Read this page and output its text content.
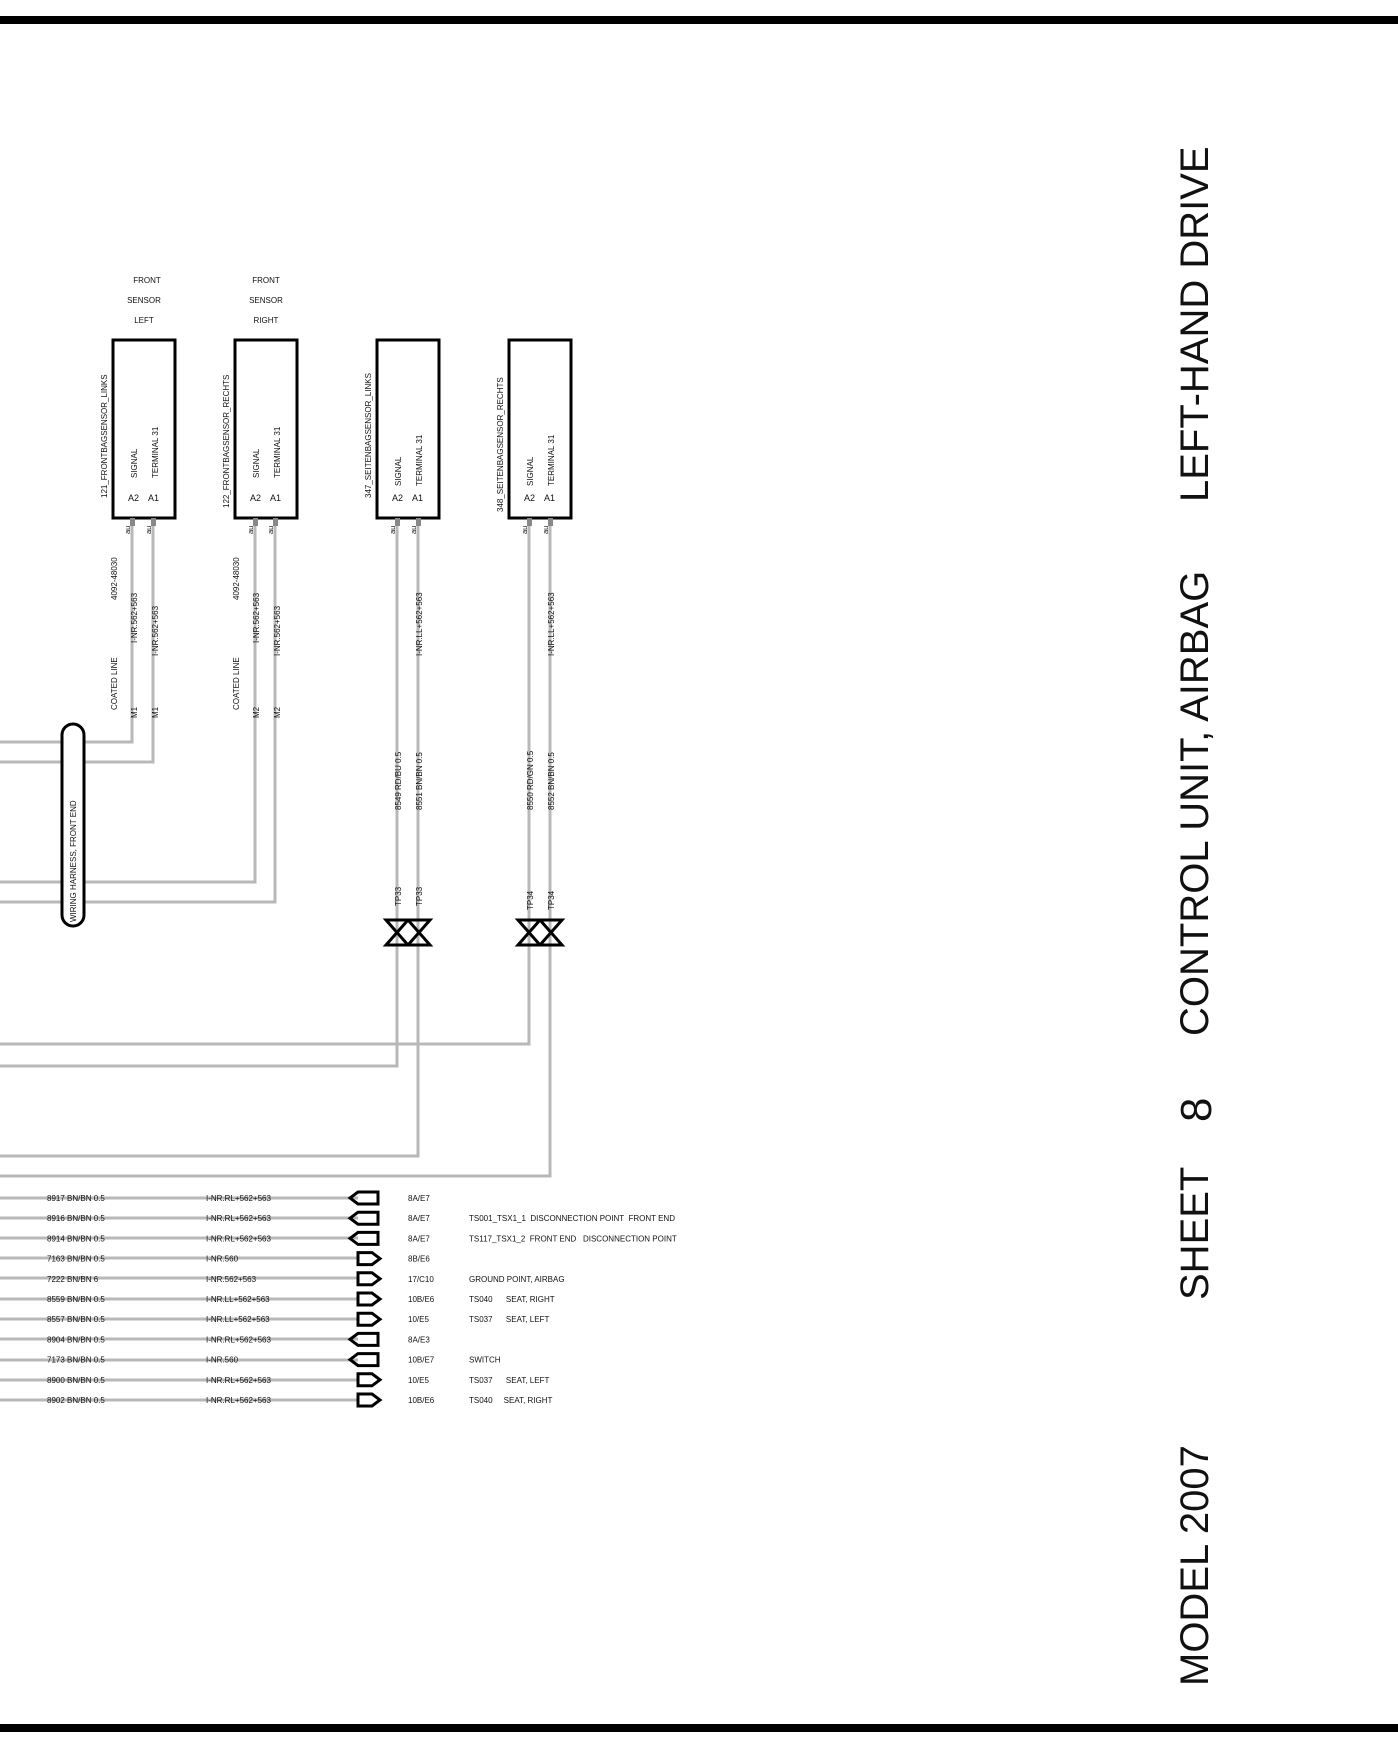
WIRING HARNESS, FRONT END
FRONT
SENSOR
LEFT
121_FRONTBAGSENSOR_LINKS	SIGNAL TERMINAL 31
A2 A1
au au
4092-48030
I-NR.562+563 I-NR.562+563
COATED LINE
M1 M1
FRONT
SENSOR
RIGHT
122_FRONTBAGSENSOR_RECHTS	SIGNAL TERMINAL 31
A2 A1
au au
4092-48030
I-NR.562+563 I-NR.562+563
COATED LINE
M2 M2
347_SEITENBAGSENSOR_LINKS	SIGNAL TERMINAL 31
A2 A1
au au
I-NR.LL+562+563
8549 RD/BU 0.5 8551 BN/BN 0.5
TP33 TP33
348_SEITENBAGSENSOR_RECHTS	SIGNAL TERMINAL 31
A2 A1
au au
I-NR.LL+562+563
8550 RD/GN 0.5 8552 BN/BN 0.5
TP34 TP34
8917 BN/BN 0.5	I-NR.RL+562+563	8A/E7
8916 BN/BN 0.5	I-NR.RL+562+563	8A/E7	TS001_TSX1_1  DISCONNECTION POINT  FRONT END
8914 BN/BN 0.5	I-NR.RL+562+563	8A/E7	TS117_TSX1_2  FRONT END   DISCONNECTION POINT
7163 BN/BN 0.5	I-NR.560	8B/E6
7222 BN/BN 6	I-NR.562+563	17/C10	GROUND POINT, AIRBAG
8559 BN/BN 0.5	I-NR.LL+562+563	10B/E6	TS040      SEAT, RIGHT
8557 BN/BN 0.5	I-NR.LL+562+563	10/E5	TS037      SEAT, LEFT
8904 BN/BN 0.5	I-NR.RL+562+563	8A/E3
7173 BN/BN 0.5	I-NR.560	10B/E7	SWITCH
8900 BN/BN 0.5	I-NR.RL+562+563	10/E5	TS037      SEAT, LEFT
8902 BN/BN 0.5	I-NR.RL+562+563	10B/E6	TS040     SEAT, RIGHT
MODEL 2007
SHEET
8
CONTROL UNIT, AIRBAG
LEFT-HAND DRIVE
